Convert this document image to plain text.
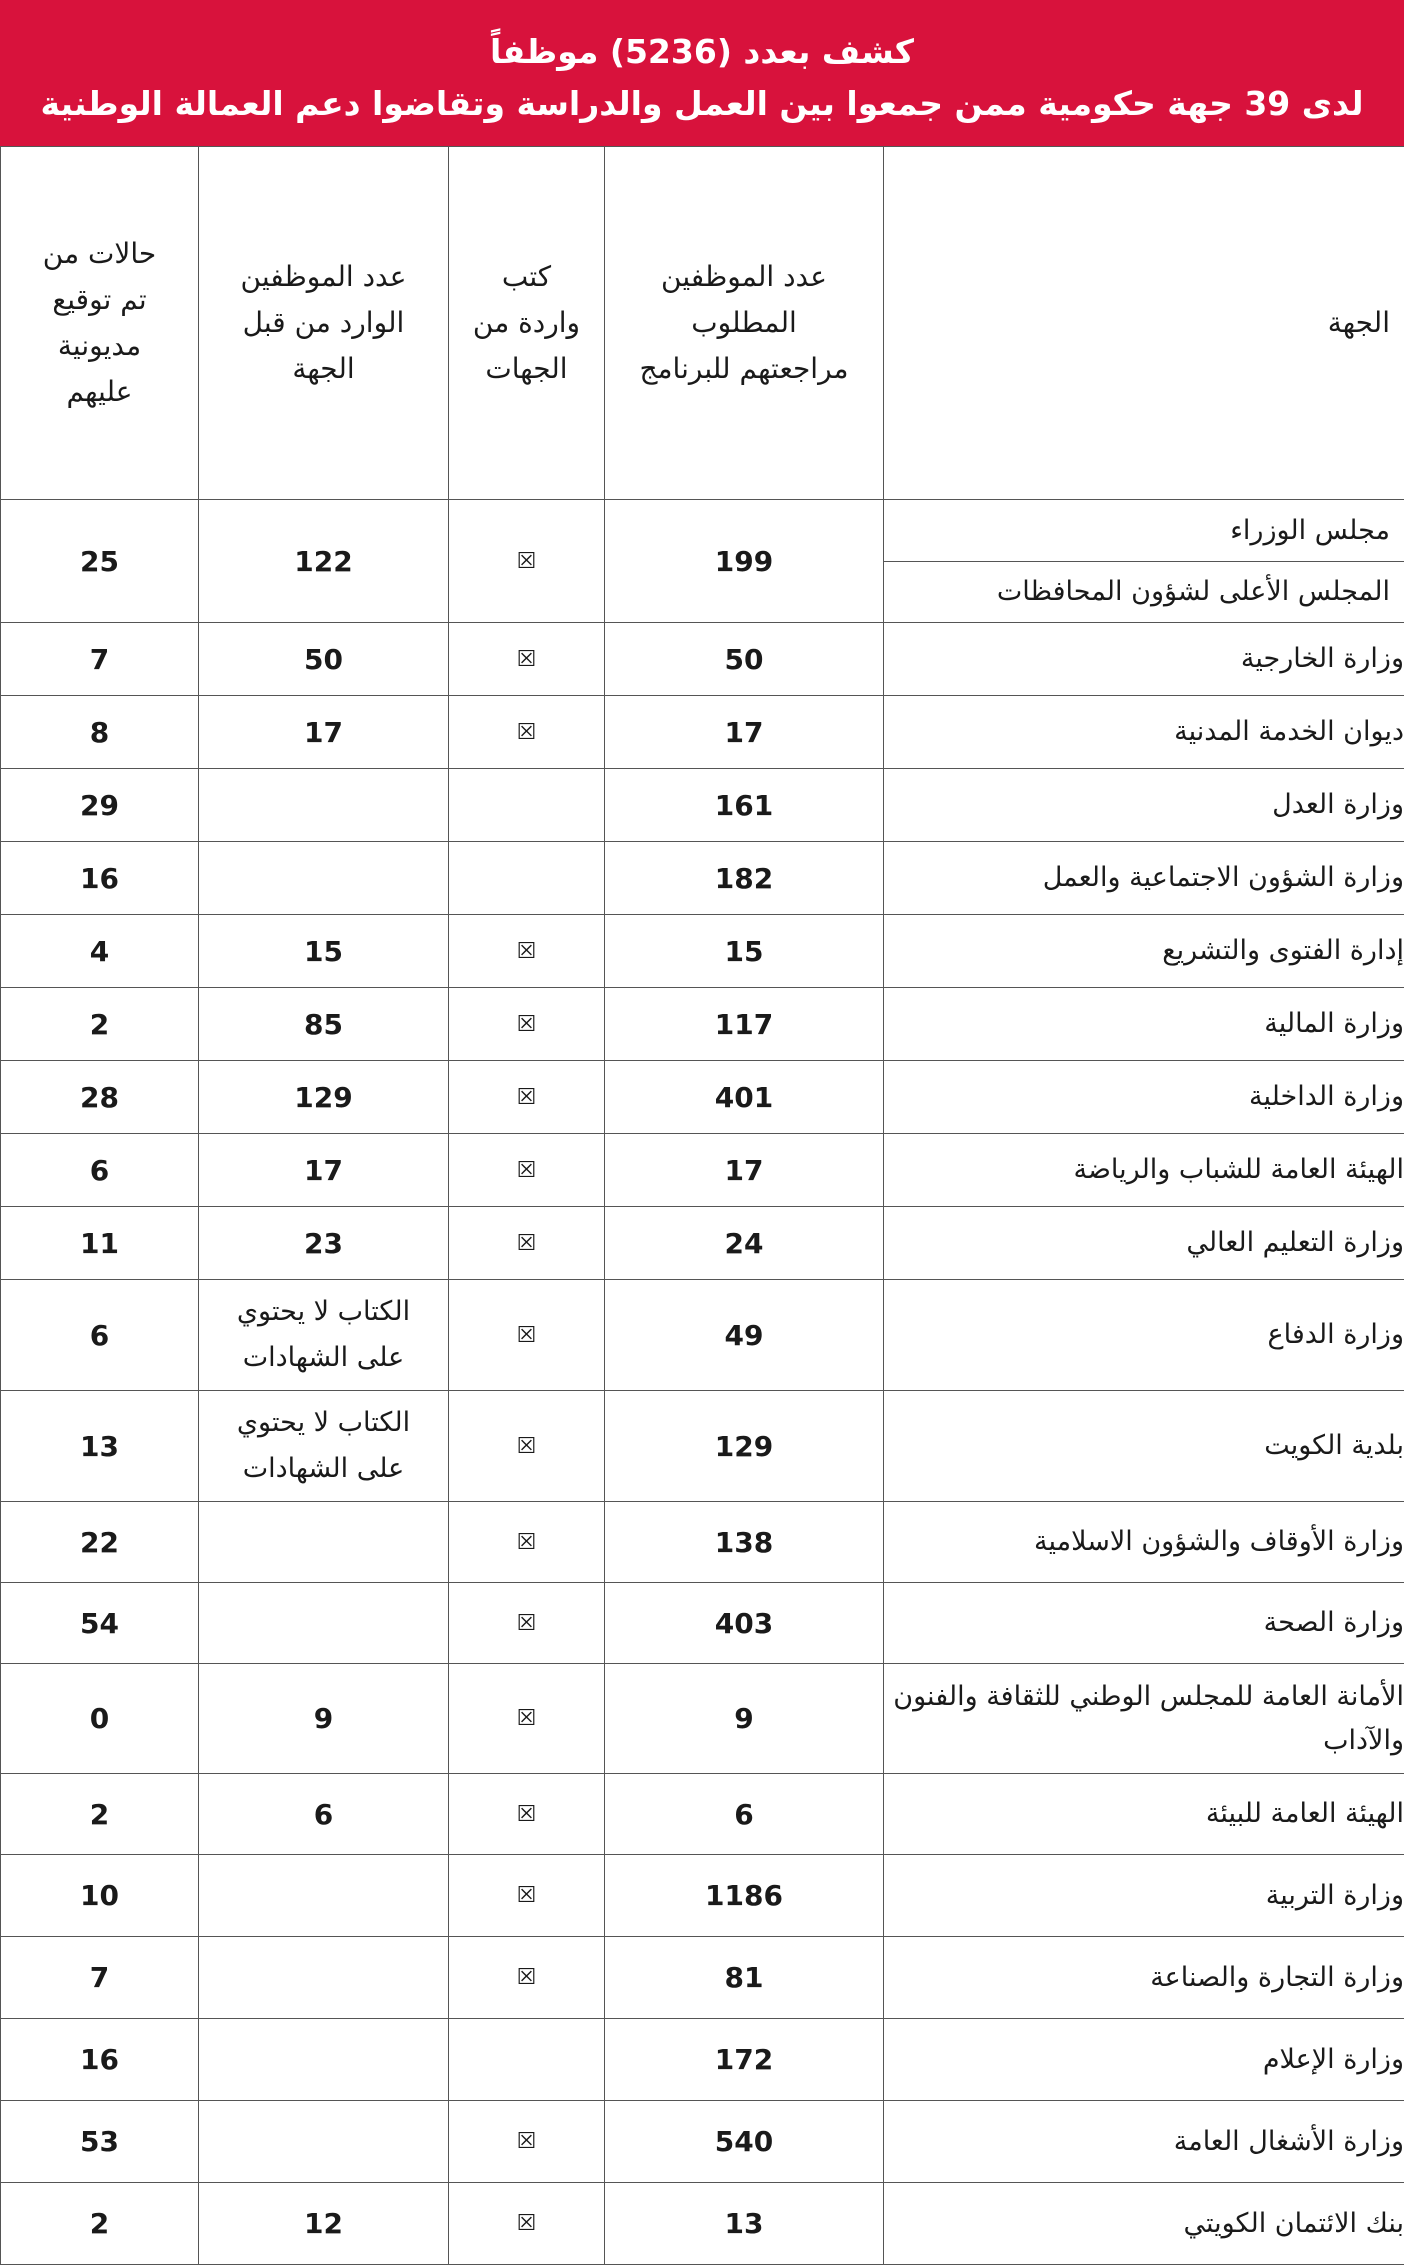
كشف بعدد (5236) موظفاً
لدى 39 جهة حكومية ممن جمعوا بين العمل والدراسة وتقاضوا دعم العمالة الوطنية
الجهة	عدد الموظفين المطلوب مراجعتهم للبرنامج	كتب واردة من الجهات	عدد الموظفين الوارد من قبل الجهة	حالات من تم توقيع مديونية عليهم

مجلس الوزراء
المجلس الأعلى لشؤون المحافظات	199	☒	122	25
وزارة الخارجية	50	☒	50	7
ديوان الخدمة المدنية	17	☒	17	8
وزارة العدل	161			29
وزارة الشؤون الاجتماعية والعمل	182			16
إدارة الفتوى والتشريع	15	☒	15	4
وزارة المالية	117	☒	85	2
وزارة الداخلية	401	☒	129	28
الهيئة العامة للشباب والرياضة	17	☒	17	6
وزارة التعليم العالي	24	☒	23	11
وزارة الدفاع	49	☒	الكتاب لا يحتوي على الشهادات	6
بلدية الكويت	129	☒	الكتاب لا يحتوي على الشهادات	13
وزارة الأوقاف والشؤون الاسلامية	138	☒		22
وزارة الصحة	403	☒		54
الأمانة العامة للمجلس الوطني للثقافة والفنون والآداب	9	☒	9	0
الهيئة العامة للبيئة	6	☒	6	2
وزارة التربية	1186	☒		10
وزارة التجارة والصناعة	81	☒		7
وزارة الإعلام	172			16
وزارة الأشغال العامة	540	☒		53
بنك الائتمان الكويتي	13	☒	12	2
